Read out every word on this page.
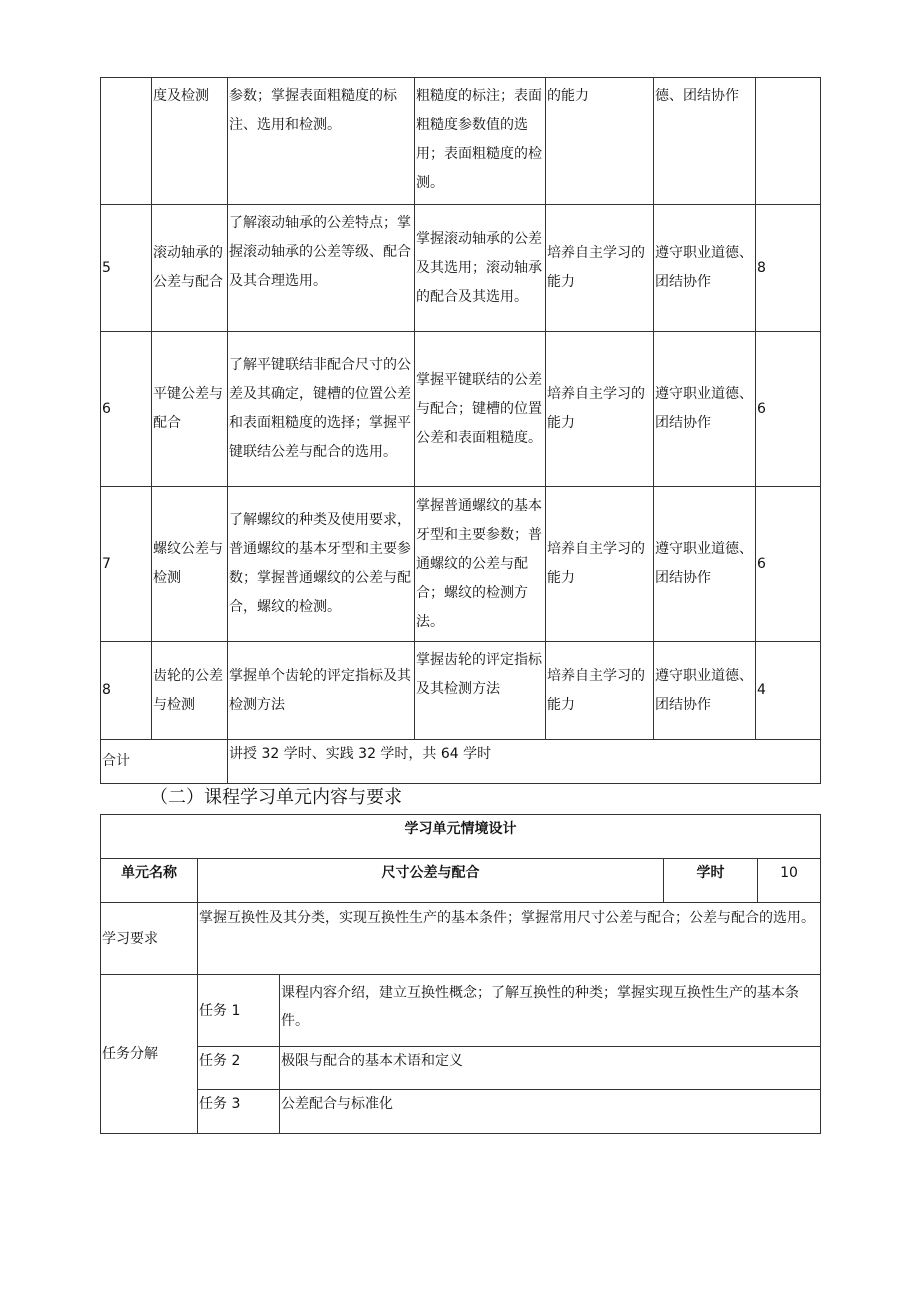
	度及检测	参数；掌握表面粗糙度的标注、选用和检测。	粗糙度的标注；表面粗糙度参数值的选用；表面粗糙度的检测。	的能力	德、团结协作	
5	滚动轴承的公差与配合	了解滚动轴承的公差特点；掌握滚动轴承的公差等级、配合及其合理选用。	掌握滚动轴承的公差及其选用；滚动轴承的配合及其选用。	培养自主学习的能力	遵守职业道德、团结协作	8
6	平键公差与配合	了解平键联结非配合尺寸的公差及其确定，键槽的位置公差和表面粗糙度的选择；掌握平键联结公差与配合的选用。	掌握平键联结的公差与配合；键槽的位置公差和表面粗糙度。	培养自主学习的能力	遵守职业道德、团结协作	6
7	螺纹公差与检测	了解螺纹的种类及使用要求，普通螺纹的基本牙型和主要参数；掌握普通螺纹的公差与配合，螺纹的检测。	掌握普通螺纹的基本牙型和主要参数；普通螺纹的公差与配合；螺纹的检测方法。	培养自主学习的能力	遵守职业道德、团结协作	6
8	齿轮的公差与检测	掌握单个齿轮的评定指标及其检测方法	掌握齿轮的评定指标及其检测方法	培养自主学习的能力	遵守职业道德、团结协作	4
合计		讲授 32 学时、实践 32 学时，共 64 学时				
（二）课程学习单元内容与要求
学习单元情境设计				
单元名称	尺寸公差与配合		学时	10
学习要求	掌握互换性及其分类，实现互换性生产的基本条件；掌握常用尺寸公差与配合；公差与配合的选用。			
任务分解	任务 1	课程内容介绍，建立互换性概念；了解互换性的种类；掌握实现互换性生产的基本条件。		
	任务 2	极限与配合的基本术语和定义		
	任务 3	公差配合与标准化		
